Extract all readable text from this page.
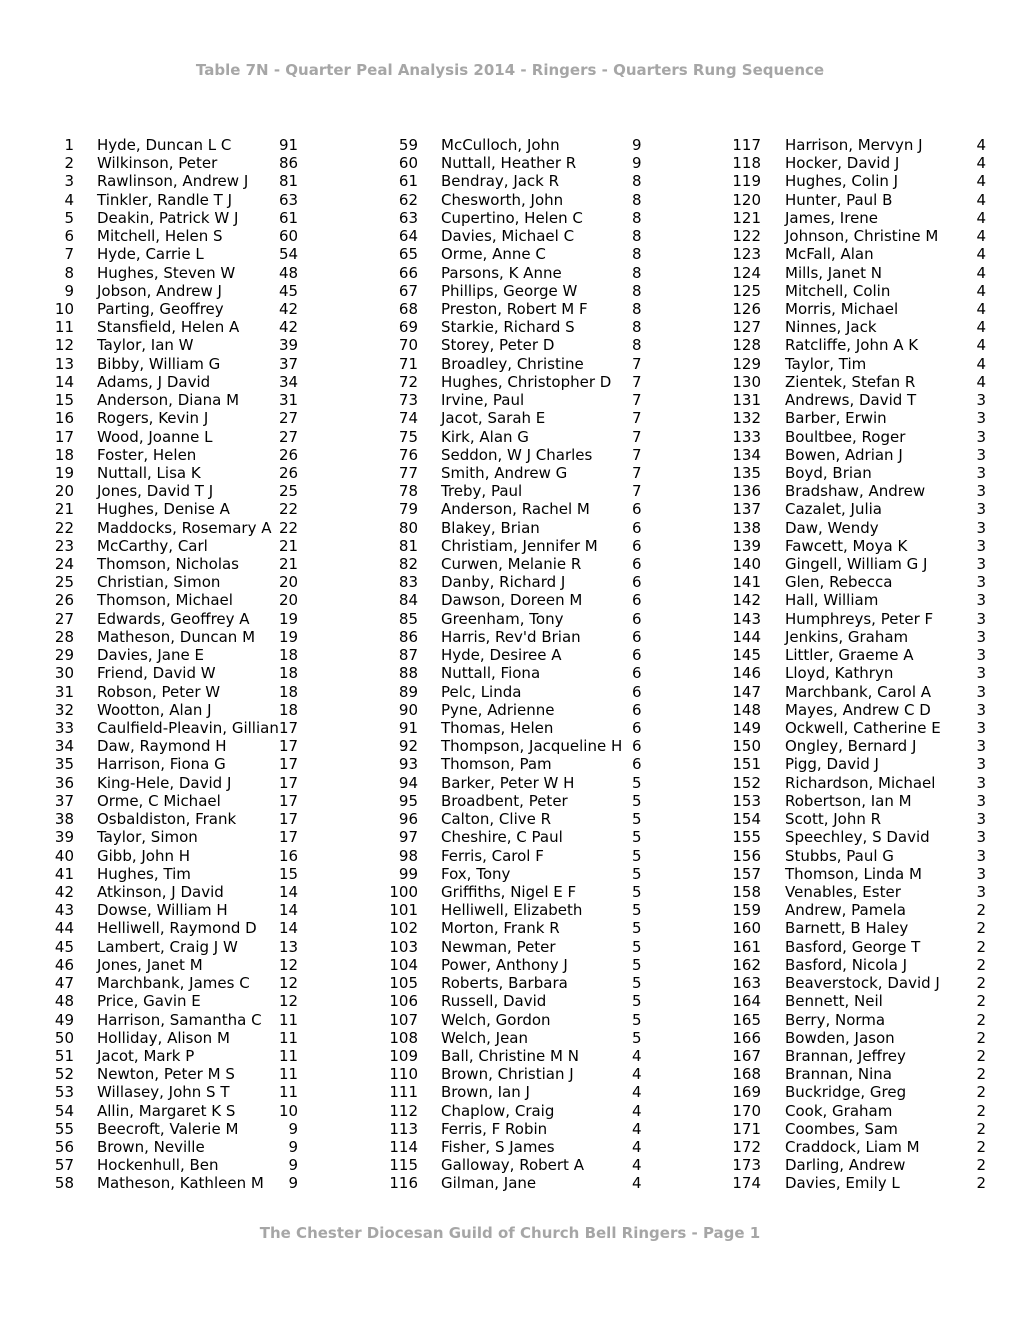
Table 7N - Quarter Peal Analysis 2014 - Ringers - Quarters Rung Sequence
1 Hyde, Duncan L C	91
2 Wilkinson, Peter	86
3 Rawlinson, Andrew J 81
4 Tinkler, Randle T J	63
5 Deakin, Patrick W J	61
6 Mitchell, Helen S	60
7 Hyde, Carrie L	54
8 Hughes, Steven W	48
9 Jobson, Andrew J	45
10 Parting, Geoffrey	42
11 Stansfield, Helen A	42
12 Taylor, Ian W	39
13 Bibby, William G	37
14 Adams, J David	34
15 Anderson, Diana M	31
16 Rogers, Kevin J	27
17 Wood, Joanne L	27
18 Foster, Helen	26
19 Nuttall, Lisa K	26
20 Jones, David T J	25
21 Hughes, Denise A	22
22 Maddocks, Rosemary A 22
23 McCarthy, Carl	21
24 Thomson, Nicholas	21
25 Christian, Simon	20
26 Thomson, Michael	20
27 Edwards, Geoffrey A 19
28 Matheson, Duncan M 19
29 Davies, Jane E	18
30 Friend, David W	18
31 Robson, Peter W	18
32 Wootton, Alan J	18
33 Caulfield-Pleavin, Gillian 17
34 Daw, Raymond H	17
35 Harrison, Fiona G	17
36 King-Hele, David J	17
37 Orme, C Michael	17
38 Osbaldiston, Frank	17
39 Taylor, Simon	17
40 Gibb, John H	16
41 Hughes, Tim	15
42 Atkinson, J David	14
43 Dowse, William H	14
44 Helliwell, Raymond D 14
45 Lambert, Craig J W	13
46 Jones, Janet M	12
47 Marchbank, James C 12
48 Price, Gavin E	12
49 Harrison, Samantha C 11
50 Holliday, Alison M	11
51 Jacot, Mark P	11
52 Newton, Peter M S	11
53 Willasey, John S T	11
54 Allin, Margaret K S	10
55 Beecroft, Valerie M	9
56 Brown, Neville	9
57 Hockenhull, Ben	9
58 Matheson, Kathleen M	9
59 McCulloch, John	9
60 Nuttall, Heather R	9
61 Bendray, Jack R	8
62 Chesworth, John	8
63 Cupertino, Helen C	8
64 Davies, Michael C	8
65 Orme, Anne C	8
66 Parsons, K Anne	8
67 Phillips, George W	8
68 Preston, Robert M F	8
69 Starkie, Richard S	8
70 Storey, Peter D	8
71 Broadley, Christine	7
72 Hughes, Christopher D 7
73 Irvine, Paul	7
74 Jacot, Sarah E	7
75 Kirk, Alan G	7
76 Seddon, W J Charles	7
77 Smith, Andrew G	7
78 Treby, Paul	7
79 Anderson, Rachel M	6
80 Blakey, Brian	6
81 Christiam, Jennifer M 6
82 Curwen, Melanie R	6
83 Danby, Richard J	6
84 Dawson, Doreen M	6
85 Greenham, Tony	6
86 Harris, Rev'd Brian	6
87 Hyde, Desiree A	6
88 Nuttall, Fiona	6
89 Pelc, Linda	6
90 Pyne, Adrienne	6
91 Thomas, Helen	6
92 Thompson, Jacqueline H 6
93 Thomson, Pam	6
94 Barker, Peter W H	5
95 Broadbent, Peter	5
96 Calton, Clive R	5
97 Cheshire, C Paul	5
98 Ferris, Carol F	5
99 Fox, Tony	5
100 Griffiths, Nigel E F	5
101 Helliwell, Elizabeth	5
102 Morton, Frank R	5
103 Newman, Peter	5
104 Power, Anthony J	5
105 Roberts, Barbara	5
106 Russell, David	5
107 Welch, Gordon	5
108 Welch, Jean	5
109 Ball, Christine M N	4
110 Brown, Christian J	4
111 Brown, Ian J	4
112 Chaplow, Craig	4
113 Ferris, F Robin	4
114 Fisher, S James	4
115 Galloway, Robert A	4
116 Gilman, Jane	4
117 Harrison, Mervyn J	4
118 Hocker, David J	4
119 Hughes, Colin J	4
120 Hunter, Paul B	4
121 James, Irene	4
122 Johnson, Christine M	4
123 McFall, Alan	4
124 Mills, Janet N	4
125 Mitchell, Colin	4
126 Morris, Michael	4
127 Ninnes, Jack	4
128 Ratcliffe, John A K	4
129 Taylor, Tim	4
130 Zientek, Stefan R	4
131 Andrews, David T	3
132 Barber, Erwin	3
133 Boultbee, Roger	3
134 Bowen, Adrian J	3
135 Boyd, Brian	3
136 Bradshaw, Andrew	3
137 Cazalet, Julia	3
138 Daw, Wendy	3
139 Fawcett, Moya K	3
140 Gingell, William G J	3
141 Glen, Rebecca	3
142 Hall, William	3
143 Humphreys, Peter F	3
144 Jenkins, Graham	3
145 Littler, Graeme A	3
146 Lloyd, Kathryn	3
147 Marchbank, Carol A	3
148 Mayes, Andrew C D	3
149 Ockwell, Catherine E	3
150 Ongley, Bernard J	3
151 Pigg, David J	3
152 Richardson, Michael	3
153 Robertson, Ian M	3
154 Scott, John R	3
155 Speechley, S David	3
156 Stubbs, Paul G	3
157 Thomson, Linda M	3
158 Venables, Ester	3
159 Andrew, Pamela	2
160 Barnett, B Haley	2
161 Basford, George T	2
162 Basford, Nicola J	2
163 Beaverstock, David J	2
164 Bennett, Neil	2
165 Berry, Norma	2
166 Bowden, Jason	2
167 Brannan, Jeffrey	2
168 Brannan, Nina	2
169 Buckridge, Greg	2
170 Cook, Graham	2
171 Coombes, Sam	2
172 Craddock, Liam M	2
173 Darling, Andrew	2
174 Davies, Emily L	2
The Chester Diocesan Guild of Church Bell Ringers - Page 1
